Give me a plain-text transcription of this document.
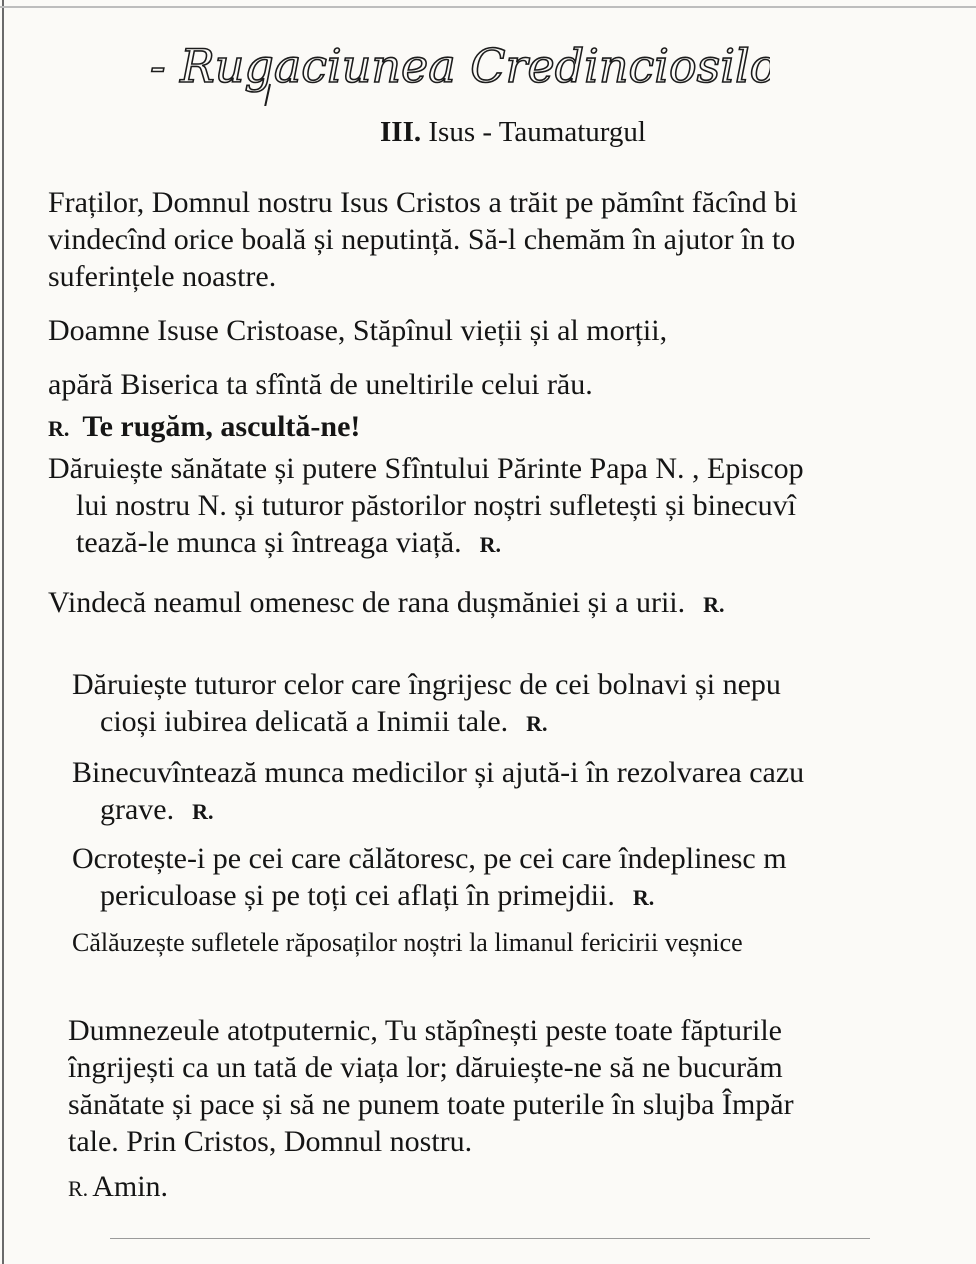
- Rugaciunea Credinciosilor -
III. Isus - Taumaturgul

Fraților, Domnul nostru Isus Cristos a trăit pe pămînt făcînd bi

vindecînd orice boală și neputință. Să-l chemăm în ajutor în to

suferințele noastre.

Doamne Isuse Cristoase, Stăpînul vieții și al morții,

apără Biserica ta sfîntă de uneltirile celui rău.

R. Te rugăm, ascultă-ne!

Dăruiește sănătate și putere Sfîntului Părinte Papa N. , Episcop

lui nostru N. și tuturor păstorilor noștri sufletești și binecuvî

tează-le munca și întreaga viață. R.

Vindecă neamul omenesc de rana dușmăniei și a urii. R.

Dăruiește tuturor celor care îngrijesc de cei bolnavi și nepu

cioși iubirea delicată a Inimii tale. R.

Binecuvîntează munca medicilor și ajută-i în rezolvarea cazu

grave. R.

Ocrotește-i pe cei care călătoresc, pe cei care îndeplinesc m

periculoase și pe toți cei aflați în primejdii. R.

Călăuzește sufletele răposaților noștri la limanul fericirii veșnice

Dumnezeule atotputernic, Tu stăpînești peste toate făpturile

îngrijești ca un tată de viața lor; dăruiește-ne să ne bucurăm

sănătate și pace și să ne punem toate puterile în slujba Împăr

tale. Prin Cristos, Domnul nostru.

R. Amin.
